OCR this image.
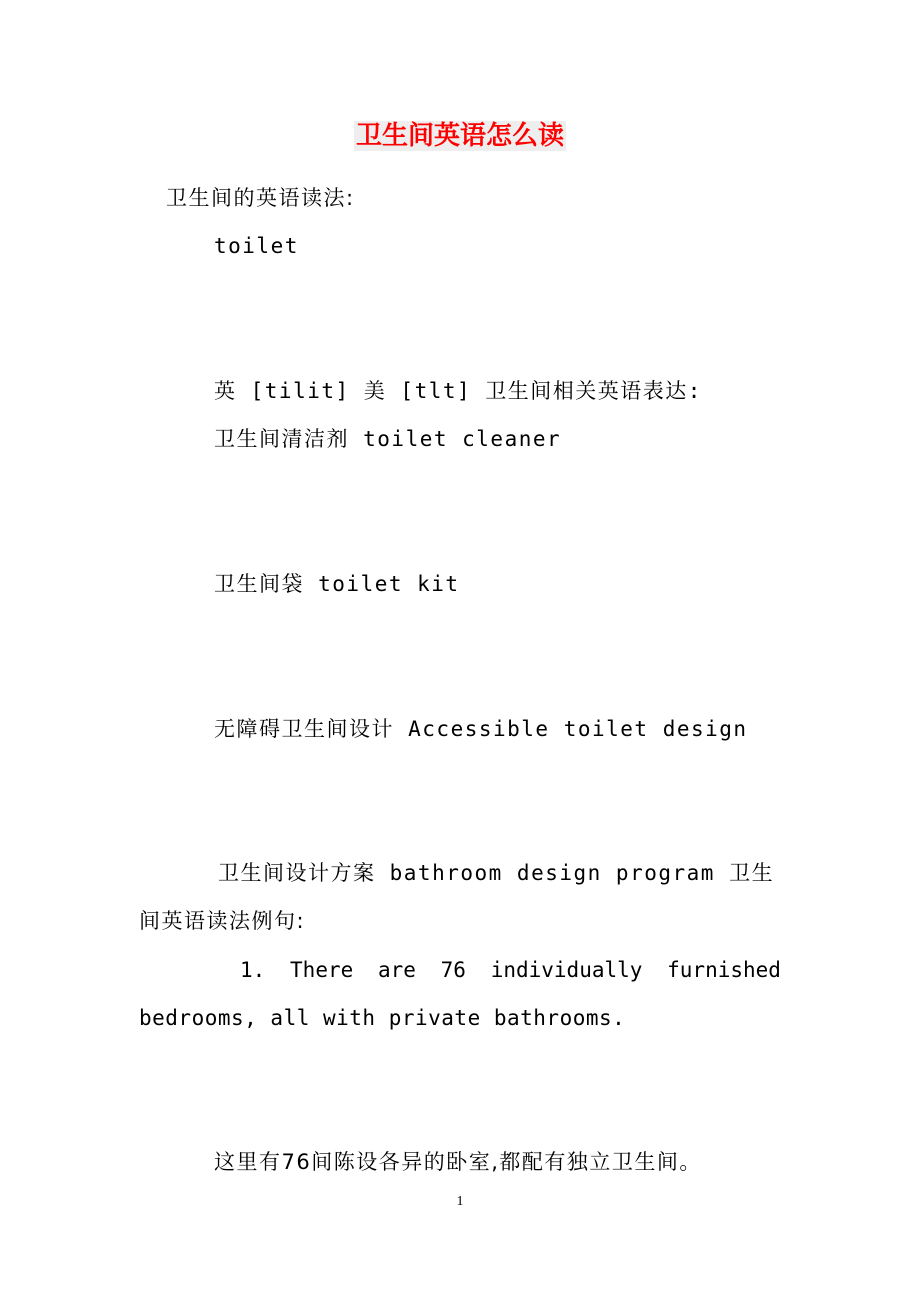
卫生间英语怎么读
卫生间的英语读法:
toilet
英 [tilit] 美 [tlt] 卫生间相关英语表达:
卫生间清洁剂 toilet cleaner
卫生间袋 toilet kit
无障碍卫生间设计 Accessible toilet design
卫生间设计方案 bathroom design program 卫生
间英语读法例句:
1. There are 76 individually furnished
bedrooms, all with private bathrooms.
这里有76间陈设各异的卧室,都配有独立卫生间。
1
